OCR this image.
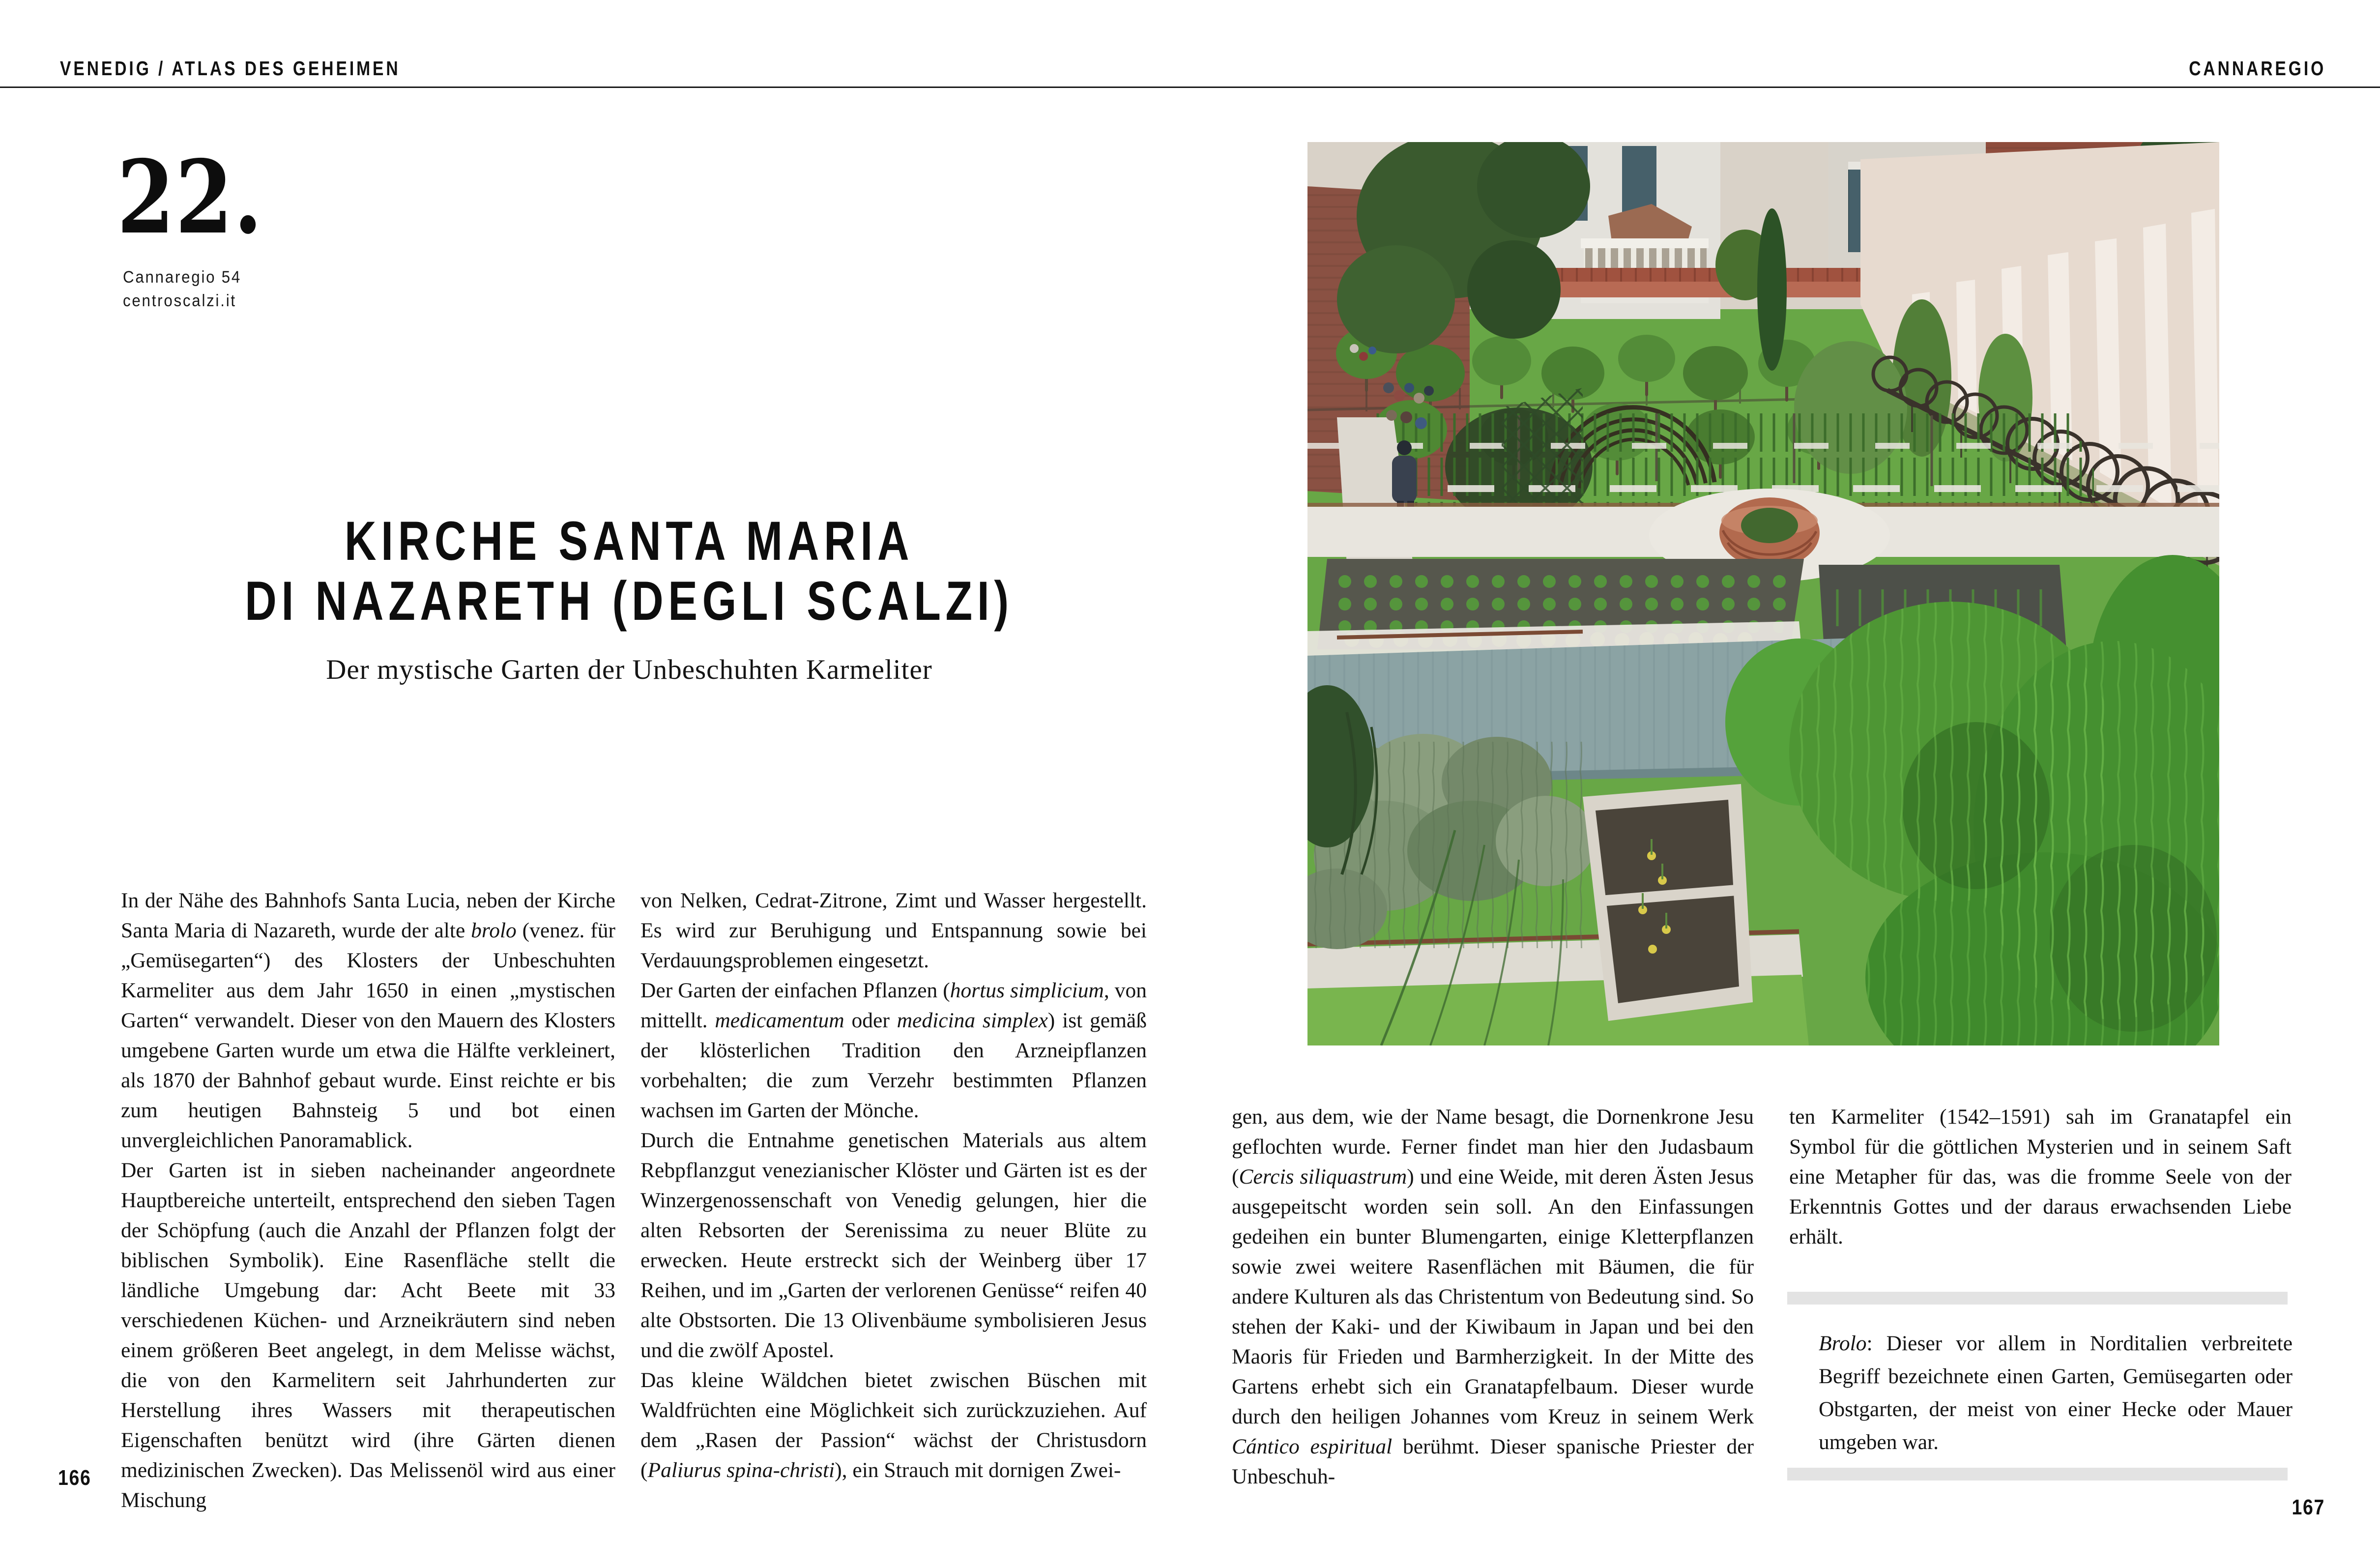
VENEDIG / ATLAS DES GEHEIMEN	CANNAREGIO
22.
Cannaregio 54
centroscalzi.it
KIRCHE SANTA MARIA
DI NAZARETH (DEGLI SCALZI)
Der mystische Garten der Unbeschuhten Karmeliter

In der Nähe des Bahnhofs Santa Lucia, neben der Kirche Santa Maria di Nazareth, wurde der alte brolo (venez. für „Gemüsegarten“) des Klosters der Unbeschuhten Karmeliter aus dem Jahr 1650 in einen „mystischen Garten“ verwandelt. Dieser von den Mauern des Klosters umgebene Garten wurde um etwa die Hälfte verkleinert, als 1870 der Bahnhof gebaut wurde. Einst reichte er bis zum heutigen Bahnsteig 5 und bot einen unvergleichlichen Panoramablick.

Der Garten ist in sieben nacheinander angeordnete Hauptbereiche unterteilt, entsprechend den sieben Tagen der Schöpfung (auch die Anzahl der Pflanzen folgt der biblischen Symbolik). Eine Rasenfläche stellt die ländliche Umgebung dar: Acht Beete mit 33 verschiedenen Küchen- und Arzneikräutern sind neben einem größeren Beet angelegt, in dem Melisse wächst, die von den Karmelitern seit Jahrhunderten zur Herstellung ihres Wassers mit therapeutischen Eigenschaften benützt wird (ihre Gärten dienen medizinischen Zwecken). Das Melissenöl wird aus einer Mischung

von Nelken, Cedrat-Zitrone, Zimt und Wasser hergestellt. Es wird zur Beruhigung und Entspannung sowie bei Verdauungsproblemen eingesetzt.

Der Garten der einfachen Pflanzen (hortus simplicium, von mittellt. medicamentum oder medicina simplex) ist gemäß der klösterlichen Tradition den Arzneipflanzen vorbehalten; die zum Verzehr bestimmten Pflanzen wachsen im Garten der Mönche.

Durch die Entnahme genetischen Materials aus altem Rebpflanzgut venezianischer Klöster und Gärten ist es der Winzergenossenschaft von Venedig gelungen, hier die alten Rebsorten der Serenissima zu neuer Blüte zu erwecken. Heute erstreckt sich der Weinberg über 17 Reihen, und im „Garten der verlorenen Genüsse“ reifen 40 alte Obstsorten. Die 13 Olivenbäume symbolisieren Jesus und die zwölf Apostel.

Das kleine Wäldchen bietet zwischen Büschen mit Waldfrüchten eine Möglichkeit sich zurückzuziehen. Auf dem „Rasen der Passion“ wächst der Christusdorn (Paliurus spina-christi), ein Strauch mit dornigen Zwei-

166

gen, aus dem, wie der Name besagt, die Dornenkrone Jesu geflochten wurde. Ferner findet man hier den Judasbaum (Cercis siliquastrum) und eine Weide, mit deren Ästen Jesus ausgepeitscht worden sein soll. An den Einfassungen gedeihen ein bunter Blumengarten, einige Kletterpflanzen sowie zwei weitere Rasenflächen mit Bäumen, die für andere Kulturen als das Christentum von Bedeutung sind. So stehen der Kaki- und der Kiwibaum in Japan und bei den Maoris für Frieden und Barmherzigkeit. In der Mitte des Gartens erhebt sich ein Granatapfelbaum. Dieser wurde durch den heiligen Johannes vom Kreuz in seinem Werk Cántico espiritual berühmt. Dieser spanische Priester der Unbeschuh-

ten Karmeliter (1542–1591) sah im Granatapfel ein Symbol für die göttlichen Mysterien und in seinem Saft eine Metapher für das, was die fromme Seele von der Erkenntnis Gottes und der daraus erwachsenden Liebe erhält.

Brolo: Dieser vor allem in Norditalien verbreitete Begriff bezeichnete einen Garten, Gemüsegarten oder Obstgarten, der meist von einer Hecke oder Mauer umgeben war.

167
